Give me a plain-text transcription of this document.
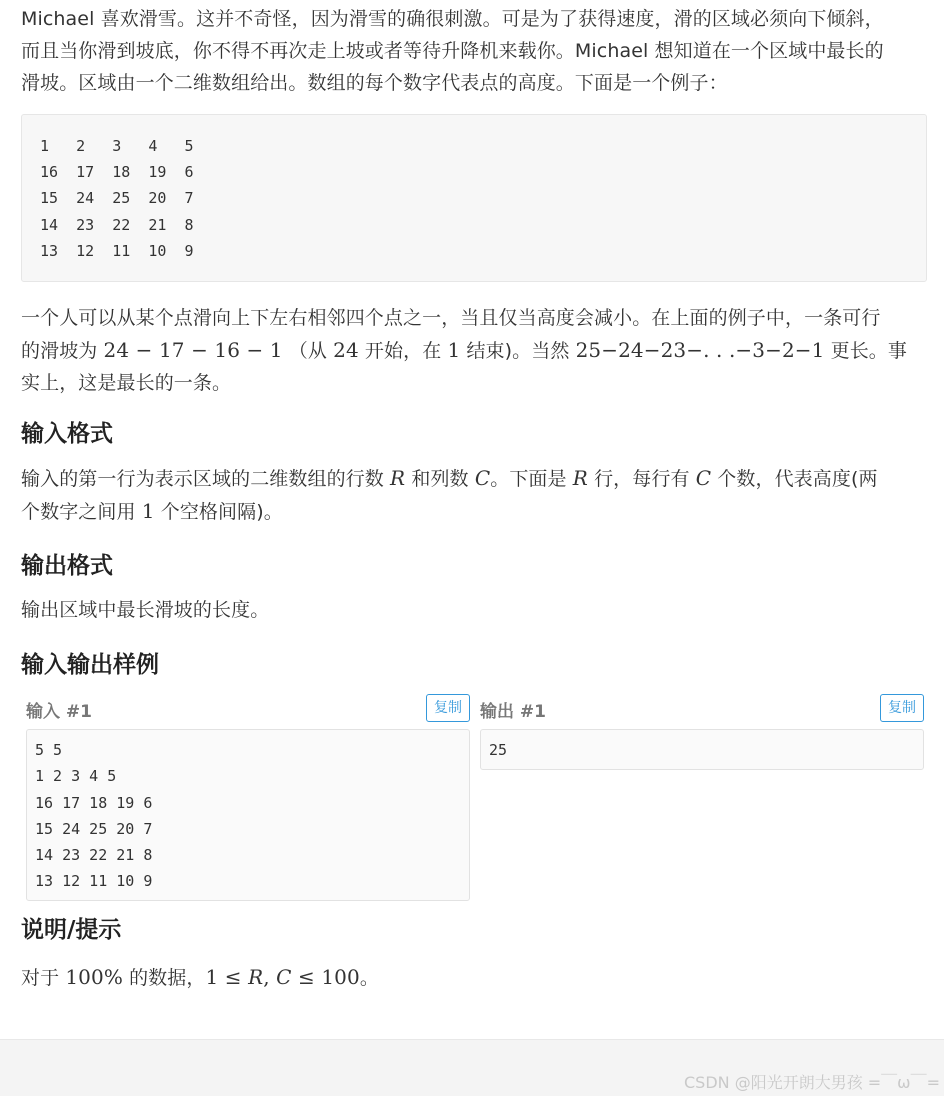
Michael 喜欢滑雪。这并不奇怪，因为滑雪的确很刺激。可是为了获得速度，滑的区域必须向下倾斜，

而且当你滑到坡底，你不得不再次走上坡或者等待升降机来载你。Michael 想知道在一个区域中最长的

滑坡。区域由一个二维数组给出。数组的每个数字代表点的高度。下面是一个例子：

1   2   3   4   5
16  17  18  19  6
15  24  25  20  7
14  23  22  21  8
13  12  11  10  9

一个人可以从某个点滑向上下左右相邻四个点之一，当且仅当高度会减小。在上面的例子中，一条可行

的滑坡为 24 − 17 − 16 − 1 （从 24 开始，在 1 结束)。当然 25−24−23−. . .−3−2−1 更长。事

实上，这是最长的一条。

输入格式

输入的第一行为表示区域的二维数组的行数 R 和列数 C。下面是 R 行，每行有 C 个数，代表高度(两

个数字之间用 1 个空格间隔)。

输出格式

输出区域中最长滑坡的长度。

输入输出样例
输入 #1	复制
5 5
1 2 3 4 5
16 17 18 19 6
15 24 25 20 7
14 23 22 21 8
13 12 11 10 9
输出 #1	复制
25
说明/提示

对于 100% 的数据，1 ≤ R, C ≤ 100。

CSDN @阳光开朗大男孩 =￣ω￣=
